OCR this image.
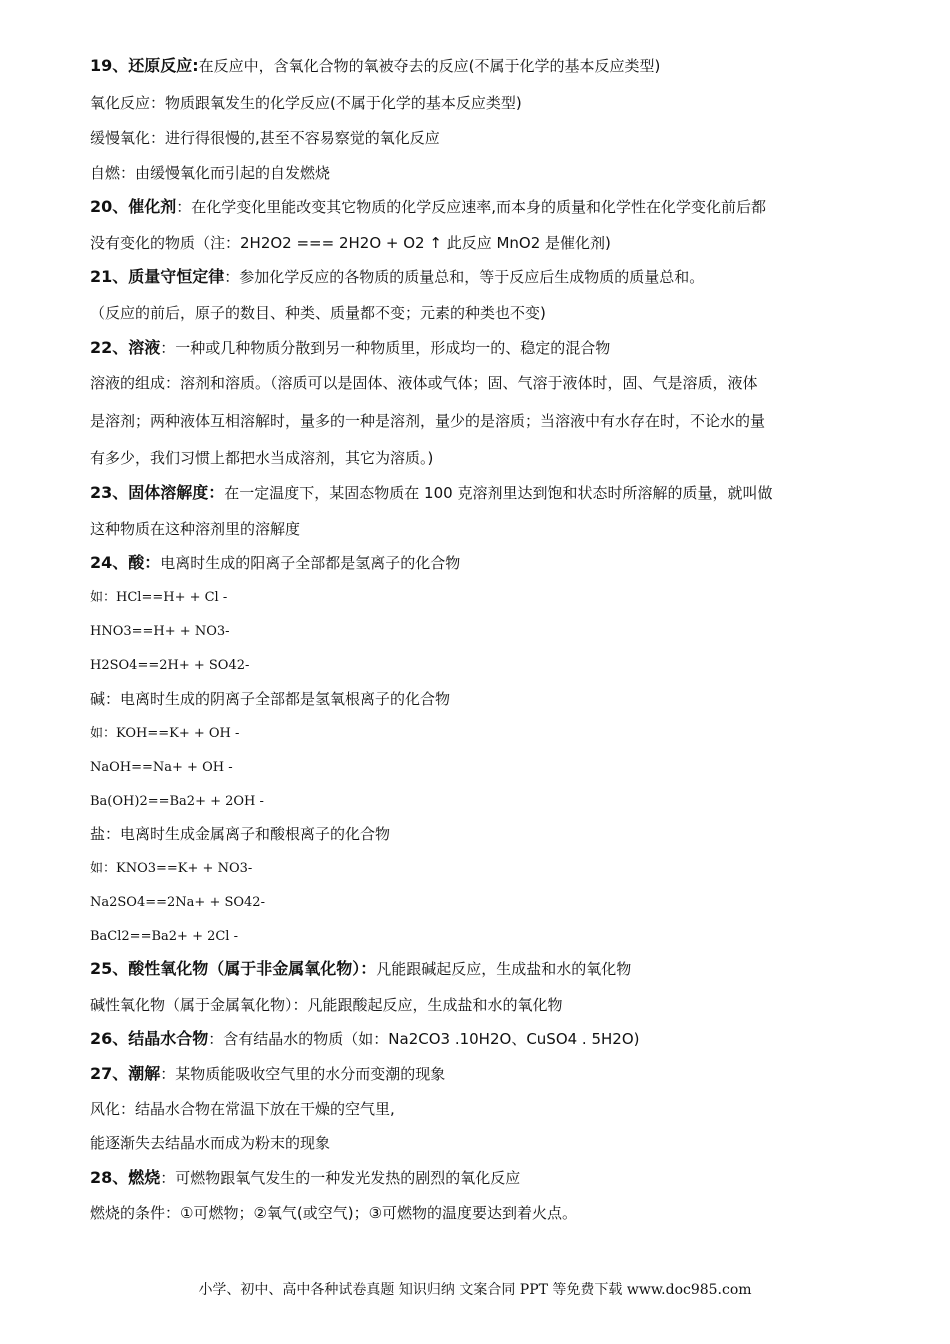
19、还原反应:在反应中，含氧化合物的氧被夺去的反应(不属于化学的基本反应类型)
氧化反应：物质跟氧发生的化学反应(不属于化学的基本反应类型)
缓慢氧化：进行得很慢的,甚至不容易察觉的氧化反应
自燃：由缓慢氧化而引起的自发燃烧
20、催化剂：在化学变化里能改变其它物质的化学反应速率,而本身的质量和化学性在化学变化前后都
没有变化的物质（注：2H2O2 === 2H2O + O2 ↑ 此反应 MnO2 是催化剂)
21、质量守恒定律：参加化学反应的各物质的质量总和，等于反应后生成物质的质量总和。
（反应的前后，原子的数目、种类、质量都不变；元素的种类也不变)
22、溶液：一种或几种物质分散到另一种物质里，形成均一的、稳定的混合物
溶液的组成：溶剂和溶质。（溶质可以是固体、液体或气体；固、气溶于液体时，固、气是溶质，液体
是溶剂；两种液体互相溶解时，量多的一种是溶剂，量少的是溶质；当溶液中有水存在时，不论水的量
有多少，我们习惯上都把水当成溶剂，其它为溶质。)
23、固体溶解度：在一定温度下，某固态物质在 100 克溶剂里达到饱和状态时所溶解的质量，就叫做
这种物质在这种溶剂里的溶解度
24、酸：电离时生成的阳离子全部都是氢离子的化合物
如：HCl==H+ + Cl -
HNO3==H+ + NO3-
H2SO4==2H+ + SO42-
碱：电离时生成的阴离子全部都是氢氧根离子的化合物
如：KOH==K+ + OH -
NaOH==Na+ + OH -
Ba(OH)2==Ba2+ + 2OH -
盐：电离时生成金属离子和酸根离子的化合物
如：KNO3==K+ + NO3-
Na2SO4==2Na+ + SO42-
BaCl2==Ba2+ + 2Cl -
25、酸性氧化物（属于非金属氧化物）：凡能跟碱起反应，生成盐和水的氧化物
碱性氧化物（属于金属氧化物）：凡能跟酸起反应，生成盐和水的氧化物
26、结晶水合物：含有结晶水的物质（如：Na2CO3 .10H2O、CuSO4 . 5H2O)
27、潮解：某物质能吸收空气里的水分而变潮的现象
风化：结晶水合物在常温下放在干燥的空气里,
能逐渐失去结晶水而成为粉末的现象
28、燃烧：可燃物跟氧气发生的一种发光发热的剧烈的氧化反应
燃烧的条件：①可燃物；②氧气(或空气)；③可燃物的温度要达到着火点。
小学、初中、高中各种试卷真题 知识归纳 文案合同 PPT 等免费下载 www.doc985.com
